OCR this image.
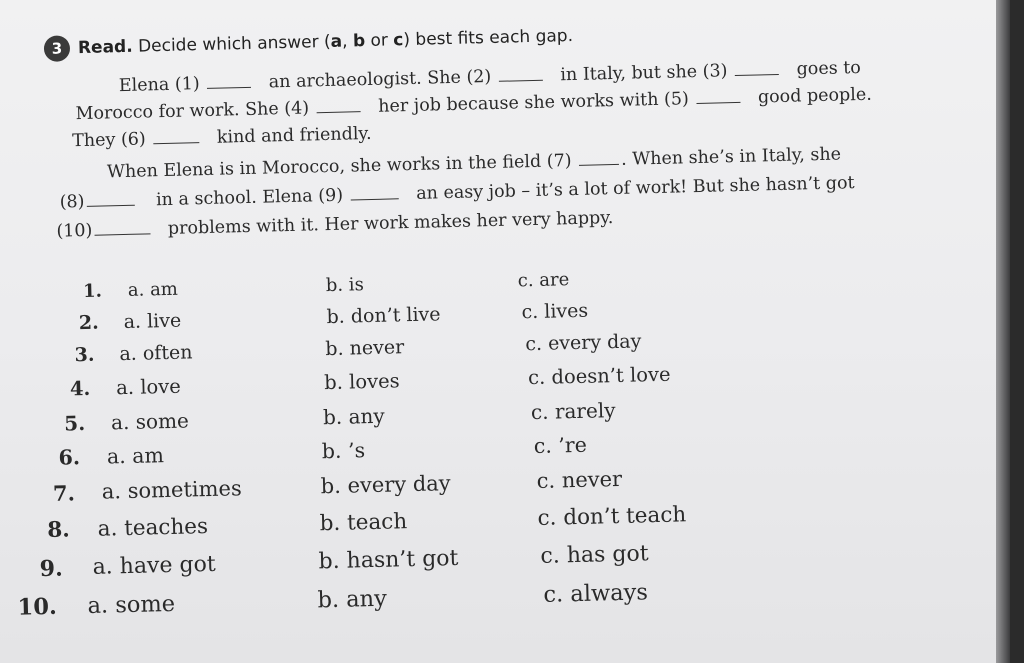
3 Read. Decide which answer (a, b or c) best fits each gap.
Elena (1)	an archaeologist. She (2)	in Italy, but she (3)	goes to
Morocco for work. She (4)	her job because she works with (5)	good people.
They (6)	kind and friendly.
When Elena is in Morocco, she works in the field (7)	. When she’s in Italy, she
(8)	in a school. Elena (9)	an easy job – it’s a lot of work! But she hasn’t got
(10)	problems with it. Her work makes her very happy.
1. a. am	b. is	c. are
2. a. live	b. don’t live	c. lives
3. a. often	b. never	c. every day
4. a. love	b. loves	c. doesn’t love
5. a. some	b. any	c. rarely
6. a. am	b. ’s	c. ’re
7. a. sometimes	b. every day	c. never
8. a. teaches	b. teach	c. don’t teach
9. a. have got	b. hasn’t got	c. has got
10. a. some	b. any	c. always
